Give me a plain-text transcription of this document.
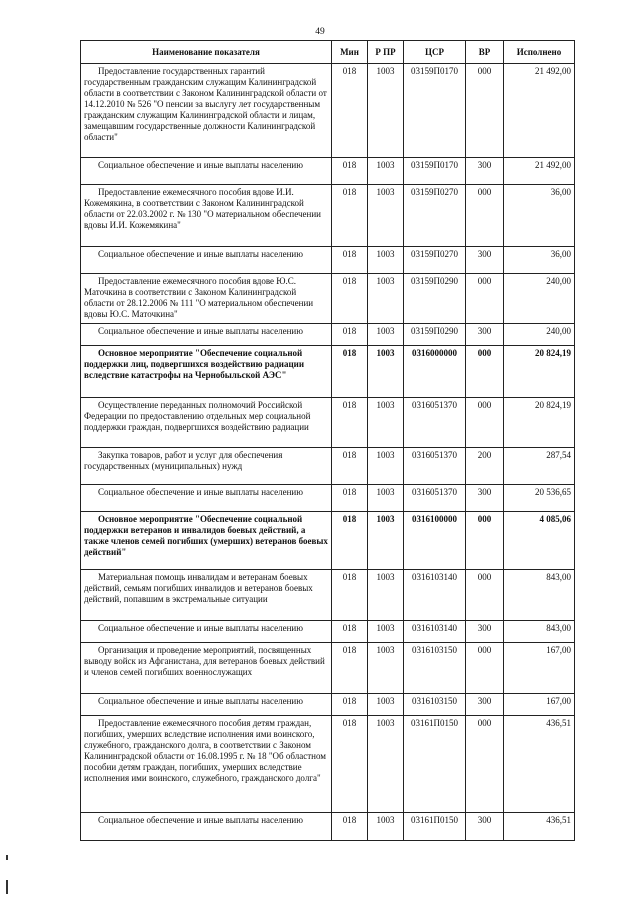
49
Наименование показателя	Мин	Р ПР	ЦСР	ВР	Исполнено
Предоставление государственных гарантий государственным гражданским служащим Калининградской области в соответствии с Законом Калининградской области от 14.12.2010 № 526 "О пенсии за выслугу лет государственным гражданским служащим Калининградской области и лицам, замещавшим государственные должности Калининградской области"	018	1003	03159П0170	000	21 492,00
Социальное обеспечение и иные выплаты населению	018	1003	03159П0170	300	21 492,00
Предоставление ежемесячного пособия вдове И.И. Кожемякина, в соответствии с Законом Калининградской области от 22.03.2002 г. № 130 "О материальном обеспечении вдовы И.И. Кожемякина"	018	1003	03159П0270	000	36,00
Социальное обеспечение и иные выплаты населению	018	1003	03159П0270	300	36,00
Предоставление ежемесячного пособия вдове Ю.С. Маточкина в соответствии с Законом Калининградской области от 28.12.2006 № 111 "О материальном обеспечении вдовы Ю.С. Маточкина"	018	1003	03159П0290	000	240,00
Социальное обеспечение и иные выплаты населению	018	1003	03159П0290	300	240,00
Основное мероприятие "Обеспечение социальной поддержки лиц, подвергшихся воздействию радиации вследствие катастрофы на Чернобыльской АЭС"	018	1003	0316000000	000	20 824,19
Осуществление переданных полномочий Российской Федерации по предоставлению отдельных мер социальной поддержки граждан, подвергшихся воздействию радиации	018	1003	0316051370	000	20 824,19
Закупка товаров, работ и услуг для обеспечения государственных (муниципальных) нужд	018	1003	0316051370	200	287,54
Социальное обеспечение и иные выплаты населению	018	1003	0316051370	300	20 536,65
Основное мероприятие "Обеспечение социальной поддержки ветеранов и инвалидов боевых действий, а также членов семей погибших (умерших) ветеранов боевых действий"	018	1003	0316100000	000	4 085,06
Материальная помощь инвалидам и ветеранам боевых действий, семьям погибших инвалидов и ветеранов боевых действий, попавшим в экстремальные ситуации	018	1003	0316103140	000	843,00
Социальное обеспечение и иные выплаты населению	018	1003	0316103140	300	843,00
Организация и проведение мероприятий, посвященных выводу войск из Афганистана, для ветеранов боевых действий и членов семей погибших военнослужащих	018	1003	0316103150	000	167,00
Социальное обеспечение и иные выплаты населению	018	1003	0316103150	300	167,00
Предоставление ежемесячного пособия детям граждан, погибших, умерших вследствие исполнения ими воинского, служебного, гражданского долга, в соответствии с Законом Калининградской области от 16.08.1995 г. № 18 "Об областном пособии детям граждан, погибших, умерших вследствие исполнения ими воинского, служебного, гражданского долга"	018	1003	03161П0150	000	436,51
Социальное обеспечение и иные выплаты населению	018	1003	03161П0150	300	436,51
